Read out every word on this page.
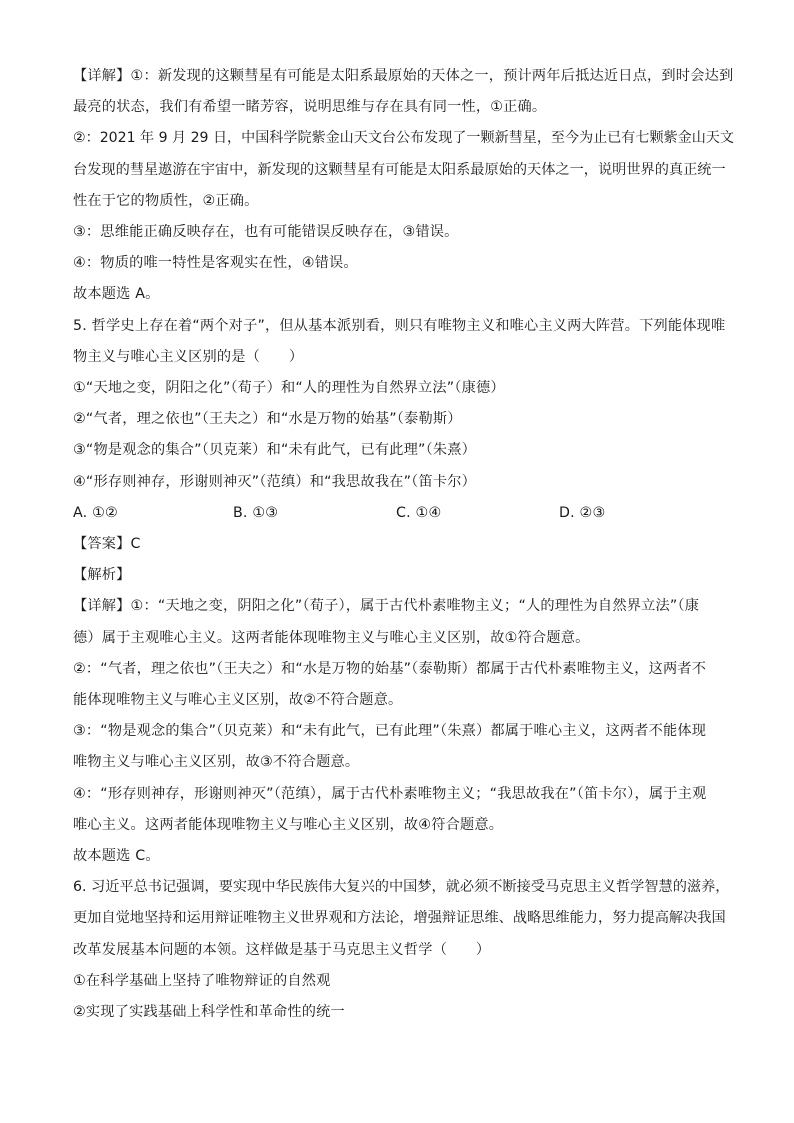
【详解】①：新发现的这颗彗星有可能是太阳系最原始的天体之一，预计两年后抵达近日点，到时会达到
最亮的状态，我们有希望一睹芳容，说明思维与存在具有同一性，①正确。
②：2021 年 9 月 29 日，中国科学院紫金山天文台公布发现了一颗新彗星，至今为止已有七颗紫金山天文
台发现的彗星遨游在宇宙中，新发现的这颗彗星有可能是太阳系最原始的天体之一，说明世界的真正统一
性在于它的物质性，②正确。
③：思维能正确反映存在，也有可能错误反映存在，③错误。
④：物质的唯一特性是客观实在性，④错误。
故本题选 A。
5. 哲学史上存在着“两个对子”，但从基本派别看，则只有唯物主义和唯心主义两大阵营。下列能体现唯
物主义与唯心主义区别的是（　　）
①“天地之变，阴阳之化”（荀子）和“人的理性为自然界立法”（康德）
②“气者，理之依也”（王夫之）和“水是万物的始基”（泰勒斯）
③“物是观念的集合”（贝克莱）和“未有此气，已有此理”（朱熹）
④“形存则神存，形谢则神灭”（范缜）和“我思故我在”（笛卡尔）
A. ①②	B. ①③	C. ①④	D. ②③
【答案】C
【解析】
【详解】①：“天地之变，阴阳之化”（荀子），属于古代朴素唯物主义；“人的理性为自然界立法”（康
德）属于主观唯心主义。这两者能体现唯物主义与唯心主义区别，故①符合题意。
②：“气者，理之依也”（王夫之）和“水是万物的始基”（泰勒斯）都属于古代朴素唯物主义，这两者不
能体现唯物主义与唯心主义区别，故②不符合题意。
③：“物是观念的集合”（贝克莱）和“未有此气，已有此理”（朱熹）都属于唯心主义，这两者不能体现
唯物主义与唯心主义区别，故③不符合题意。
④：“形存则神存，形谢则神灭”（范缜），属于古代朴素唯物主义；“我思故我在”（笛卡尔），属于主观
唯心主义。这两者能体现唯物主义与唯心主义区别，故④符合题意。
故本题选 C。
6. 习近平总书记强调，要实现中华民族伟大复兴的中国梦，就必须不断接受马克思主义哲学智慧的滋养，
更加自觉地坚持和运用辩证唯物主义世界观和方法论，增强辩证思维、战略思维能力，努力提高解决我国
改革发展基本问题的本领。这样做是基于马克思主义哲学（　　）
①在科学基础上坚持了唯物辩证的自然观
②实现了实践基础上科学性和革命性的统一
